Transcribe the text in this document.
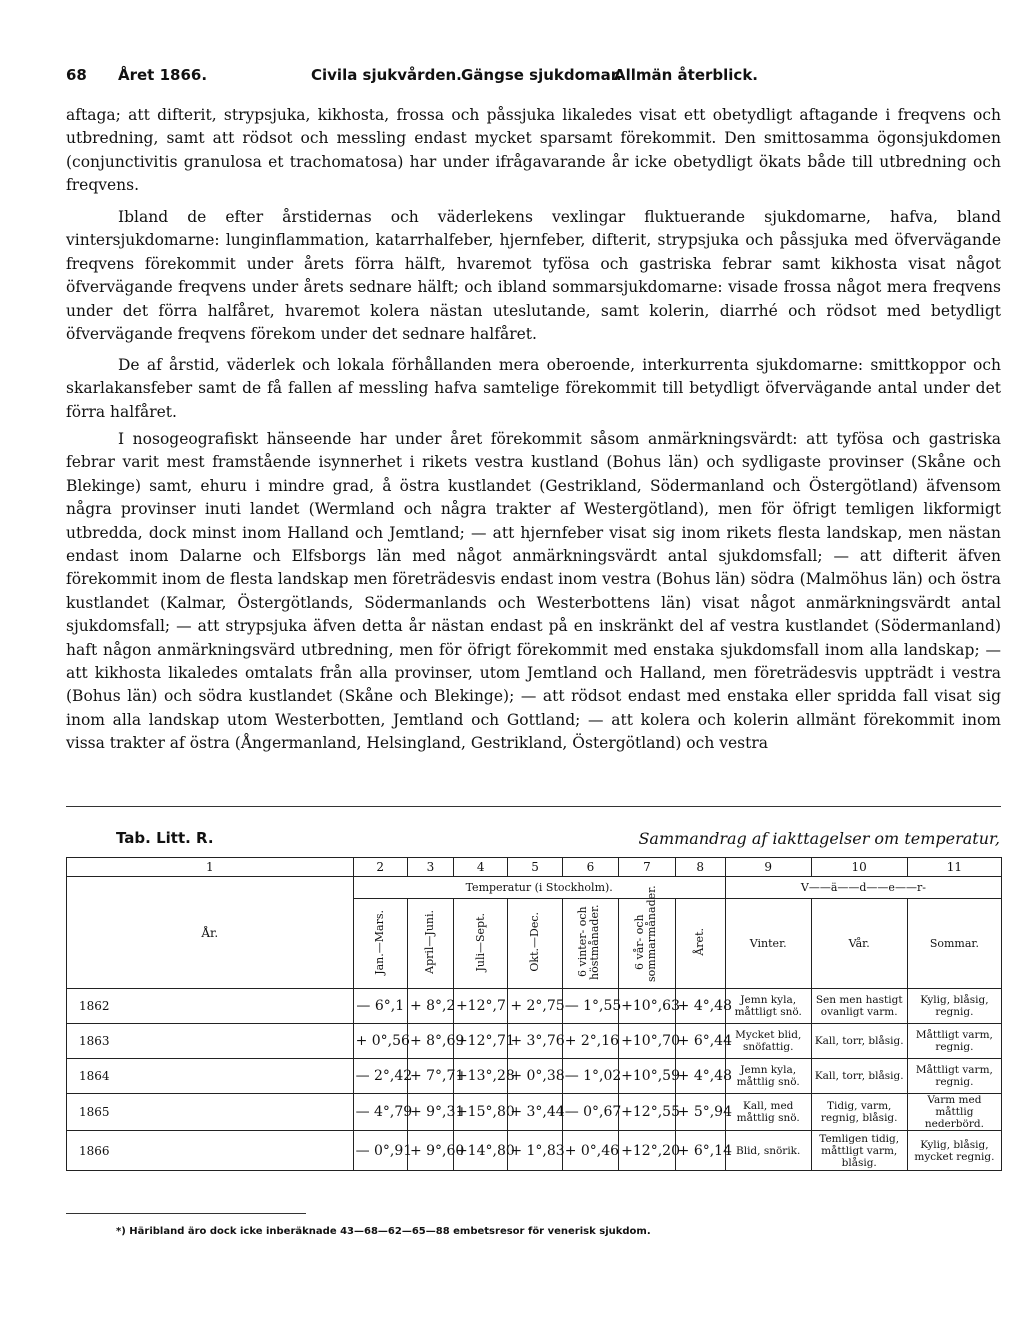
68 Året 1866.	Civila sjukvården. Gängse sjukdomar.
Allmän återblick.

aftaga; att difterit, strypsjuka, kikhosta, frossa och påssjuka likaledes visat ett obetydligt aftagande i freqvens och utbredning, samt att rödsot och messling endast mycket sparsamt förekommit. Den smittosamma ögonsjukdomen (conjunctivitis granulosa et trachomatosa) har under ifrågavarande år icke obetydligt ökats både till utbredning och freqvens.

Ibland de efter årstidernas och väderlekens vexlingar fluktuerande sjukdomarne, hafva, bland vintersjukdomarne: lunginflammation, katarrhalfeber, hjernfeber, difterit, strypsjuka och påssjuka med öfvervägande freqvens förekommit under årets förra hälft, hvaremot tyfösa och gastriska febrar samt kikhosta visat något öfvervägande freqvens under årets sednare hälft; och ibland sommarsjukdomarne: visade frossa något mera freqvens under det förra halfåret, hvaremot kolera nästan uteslutande, samt kolerin, diarrhé och rödsot med betydligt öfvervägande freqvens förekom under det sednare halfåret.

De af årstid, väderlek och lokala förhållanden mera oberoende, interkurrenta sjukdomarne: smittkoppor och skarlakansfeber samt de få fallen af messling hafva samtelige förekommit till betydligt öfvervägande antal under det förra halfåret.

I nosogeografiskt hänseende har under året förekommit såsom anmärkningsvärdt: att tyfösa och gastriska febrar varit mest framstående isynnerhet i rikets vestra kustland (Bohus län) och sydligaste provinser (Skåne och Blekinge) samt, ehuru i mindre grad, å östra kustlandet (Gestrikland, Södermanland och Östergötland) äfvensom några provinser inuti landet (Wermland och några trakter af Westergötland), men för öfrigt temligen likformigt utbredda, dock minst inom Halland och Jemtland; — att hjernfeber visat sig inom rikets flesta landskap, men nästan endast inom Dalarne och Elfsborgs län med något anmärkningsvärdt antal sjukdomsfall; — att difterit äfven förekommit inom de flesta landskap men företrädesvis endast inom vestra (Bohus län) södra (Malmöhus län) och östra kustlandet (Kalmar, Östergötlands, Södermanlands och Westerbottens län) visat något anmärkningsvärdt antal sjukdomsfall; — att strypsjuka äfven detta år nästan endast på en inskränkt del af vestra kustlandet (Södermanland) haft någon anmärkningsvärd utbredning, men för öfrigt förekommit med enstaka sjukdomsfall inom alla landskap; — att kikhosta likaledes omtalats från alla provinser, utom Jemtland och Halland, men företrädesvis uppträdt i vestra (Bohus län) och södra kustlandet (Skåne och Blekinge); — att rödsot endast med enstaka eller spridda fall visat sig inom alla landskap utom Westerbotten, Jemtland och Gottland; — att kolera och kolerin allmänt förekommit inom vissa trakter af östra (Ångermanland, Helsingland, Gestrikland, Östergötland) och vestra

Tab. Litt. R.	Sammandrag af iakttagelser om temperatur,
1	2	3	4	5	6	7	8	9	10	11
År.	Temperatur (i Stockholm).							V——ä——d——e——r-		
	Jan.—Mars.	April—Juni.	Juli—Sept.	Okt.—Dec.	6 vinter- och höstmånader.	6 vår- och sommarmånader.	Året.	Vinter.	Vår.	Sommar.
1862	— 6°,1	+ 8°,2	+12°,7	+ 2°,75	— 1°,55	+10°,63	+ 4°,48	Jemn kyla, måttligt snö.	Sen men hastigt ovanligt varm.	Kylig, blåsig, regnig.
1863	+ 0°,56	+ 8°,69	+12°,71	+ 3°,76	+ 2°,16	+10°,70	+ 6°,44	Mycket blid, snöfattig.	Kall, torr, blåsig.	Måttligt varm, regnig.
1864	— 2°,42	+ 7°,71	+13°,28	+ 0°,38	— 1°,02	+10°,59	+ 4°,48	Jemn kyla, måttlig snö.	Kall, torr, blåsig.	Måttligt varm, regnig.
1865	— 4°,79	+ 9°,31	+15°,80	+ 3°,44	— 0°,67	+12°,55	+ 5°,94	Kall, med måttlig snö.	Tidig, varm, regnig, blåsig.	Varm med måttlig nederbörd.
1866	— 0°,91	+ 9°,60	+14°,80	+ 1°,83	+ 0°,46	+12°,20	+ 6°,14	Blid, snörik.	Temligen tidig, måttligt varm, blåsig.	Kylig, blåsig, mycket regnig.
*) Häribland äro dock icke inberäknade 43—68—62—65—88 embetsresor för venerisk sjukdom.
